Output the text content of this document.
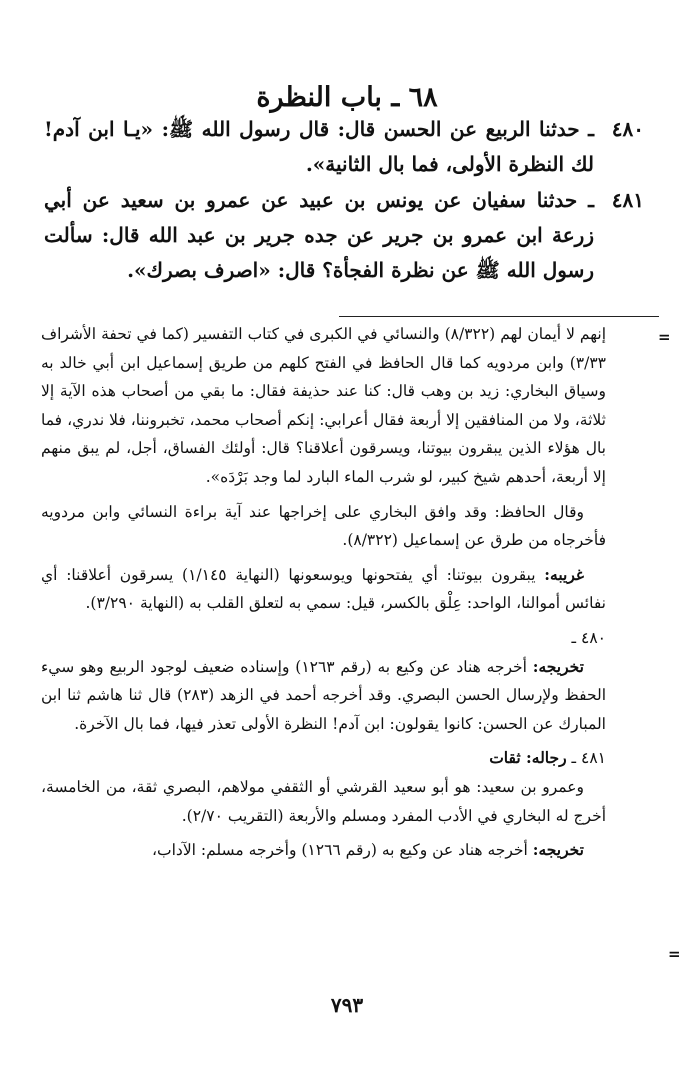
٦٨ ـ باب النظرة

٤٨٠ـ حدثنا الربيع عن الحسن قال: قال رسول الله ﷺ: «يـا ابن آدم! لك النظرة الأولى، فما بال الثانية».

٤٨١ـ حدثنا سفيان عن يونس بن عبيد عن عمرو بن سعيد عن أبي زرعة ابن عمرو بن جرير عن جده جرير بن عبد الله قال: سألت رسول الله ﷺ عن نظرة الفجأة؟ قال: «اصرف بصرك».

=

إنهم لا أيمان لهم (٨/٣٢٢) والنسائي في الكبرى في كتاب التفسير (كما في تحفة الأشراف ٣/٣٣) وابن مردويه كما قال الحافظ في الفتح كلهم من طريق إسماعيل ابن أبي خالد به وسياق البخاري: زيد بن وهب قال: كنا عند حذيفة فقال: ما بقي من أصحاب هذه الآية إلا ثلاثة، ولا من المنافقين إلا أربعة فقال أعرابي: إنكم أصحاب محمد، تخبروننا، فلا ندري، فما بال هؤلاء الذين يبقرون بيوتنا، ويسرقون أعلاقنا؟ قال: أولئك الفساق، أجل، لم يبق منهم إلا أربعة، أحدهم شيخ كبير، لو شرب الماء البارد لما وجد بَرْدَه».

وقال الحافظ: وقد وافق البخاري على إخراجها عند آية براءة النسائي وابن مردويه فأخرجاه من طرق عن إسماعيل (٨/٣٢٢).

غريبه: يبقرون بيوتنا: أي يفتحونها ويوسعونها (النهاية ١/١٤٥) يسرقون أعلاقنا: أي نفائس أموالنا، الواحد: عِلْق بالكسر، قيل: سمي به لتعلق القلب به (النهاية ٣/٢٩٠).

٤٨٠ ـ

تخريجه: أخرجه هناد عن وكيع به (رقم ١٢٦٣) وإسناده ضعيف لوجود الربيع وهو سيء الحفظ ولإرسال الحسن البصري. وقد أخرجه أحمد في الزهد (٢٨٣) قال ثنا هاشم ثنا ابن المبارك عن الحسن: كانوا يقولون: ابن آدم! النظرة الأولى تعذر فيها، فما بال الآخرة.

٤٨١ ـ رجاله: ثقات

وعمرو بن سعيد: هو أبو سعيد القرشي أو الثقفي مولاهم، البصري ثقة، من الخامسة، أخرج له البخاري في الأدب المفرد ومسلم والأربعة (التقريب ٢/٧٠).

تخريجه: أخرجه هناد عن وكيع به (رقم ١٢٦٦) وأخرجه مسلم: الآداب،

=
٧٩٣
